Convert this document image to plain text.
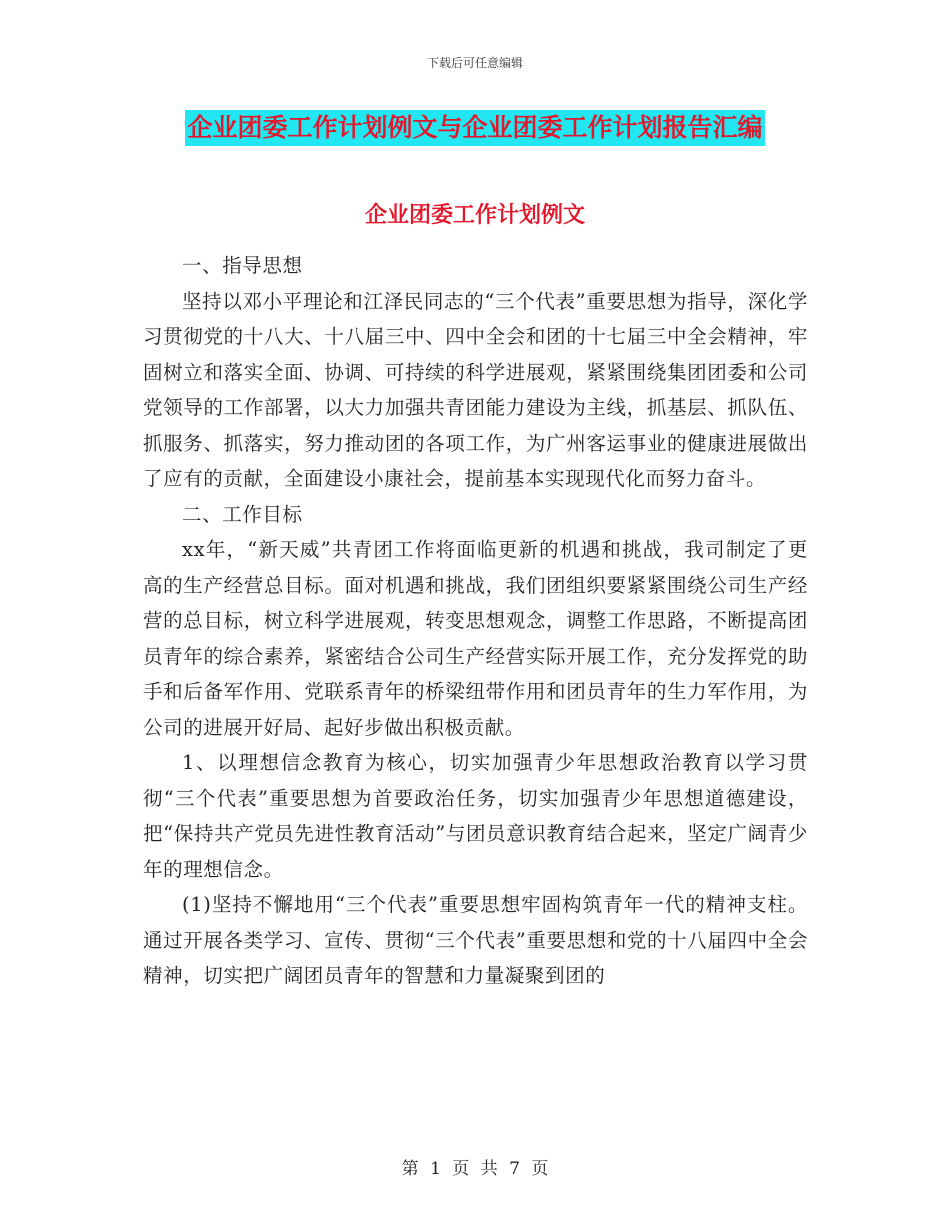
下载后可任意编辑
企业团委工作计划例文与企业团委工作计划报告汇编
企业团委工作计划例文

一、指导思想

坚持以邓小平理论和江泽民同志的“三个代表”重要思想为指导，深化学习贯彻党的十八大、十八届三中、四中全会和团的十七届三中全会精神，牢固树立和落实全面、协调、可持续的科学进展观，紧紧围绕集团团委和公司党领导的工作部署，以大力加强共青团能力建设为主线，抓基层、抓队伍、抓服务、抓落实，努力推动团的各项工作，为广州客运事业的健康进展做出了应有的贡献，全面建设小康社会，提前基本实现现代化而努力奋斗。

二、工作目标

xx年，“新天威”共青团工作将面临更新的机遇和挑战，我司制定了更高的生产经营总目标。面对机遇和挑战，我们团组织要紧紧围绕公司生产经营的总目标，树立科学进展观，转变思想观念，调整工作思路，不断提高团员青年的综合素养，紧密结合公司生产经营实际开展工作，充分发挥党的助手和后备军作用、党联系青年的桥梁纽带作用和团员青年的生力军作用，为公司的进展开好局、起好步做出积极贡献。

1、以理想信念教育为核心，切实加强青少年思想政治教育以学习贯彻“三个代表”重要思想为首要政治任务，切实加强青少年思想道德建设，把“保持共产党员先进性教育活动”与团员意识教育结合起来，坚定广阔青少年的理想信念。

(1)坚持不懈地用“三个代表”重要思想牢固构筑青年一代的精神支柱。通过开展各类学习、宣传、贯彻“三个代表”重要思想和党的十八届四中全会精神，切实把广阔团员青年的智慧和力量凝聚到团的

第 1 页 共 7 页
